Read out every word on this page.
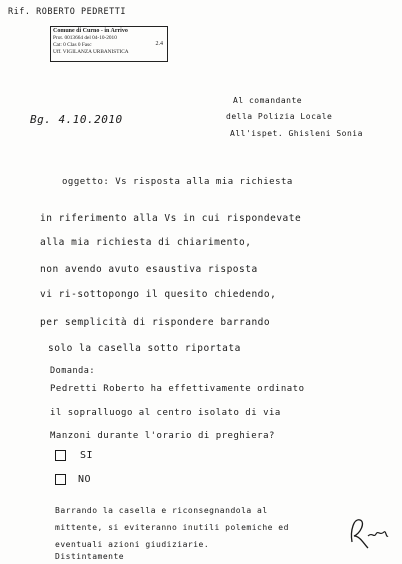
Rif. ROBERTO PEDRETTI
Comune di Curno - in Arrivo
Prot. 0013664 del 04-10-2010
Cat: 0 Clas 0 Fasc
Uff. VIGILANZA URBANISTICA
2.4
Bg. 4.10.2010
Al comandante
della Polizia Locale
All'ispet. Ghisleni Sonia
oggetto: Vs risposta alla mia richiesta
in riferimento alla Vs in cui rispondevate
alla mia richiesta di chiarimento,
non avendo avuto esaustiva risposta
vi ri-sottopongo il quesito chiedendo,
per semplicità di rispondere barrando
solo la casella sotto riportata
Domanda:
Pedretti Roberto ha effettivamente ordinato
il sopralluogo al centro isolato di via
Manzoni durante l'orario di preghiera?
SI
NO
Barrando la casella e riconsegnandola al
mittente, si eviteranno inutili polemiche ed
eventuali azioni giudiziarie.
Distintamente
